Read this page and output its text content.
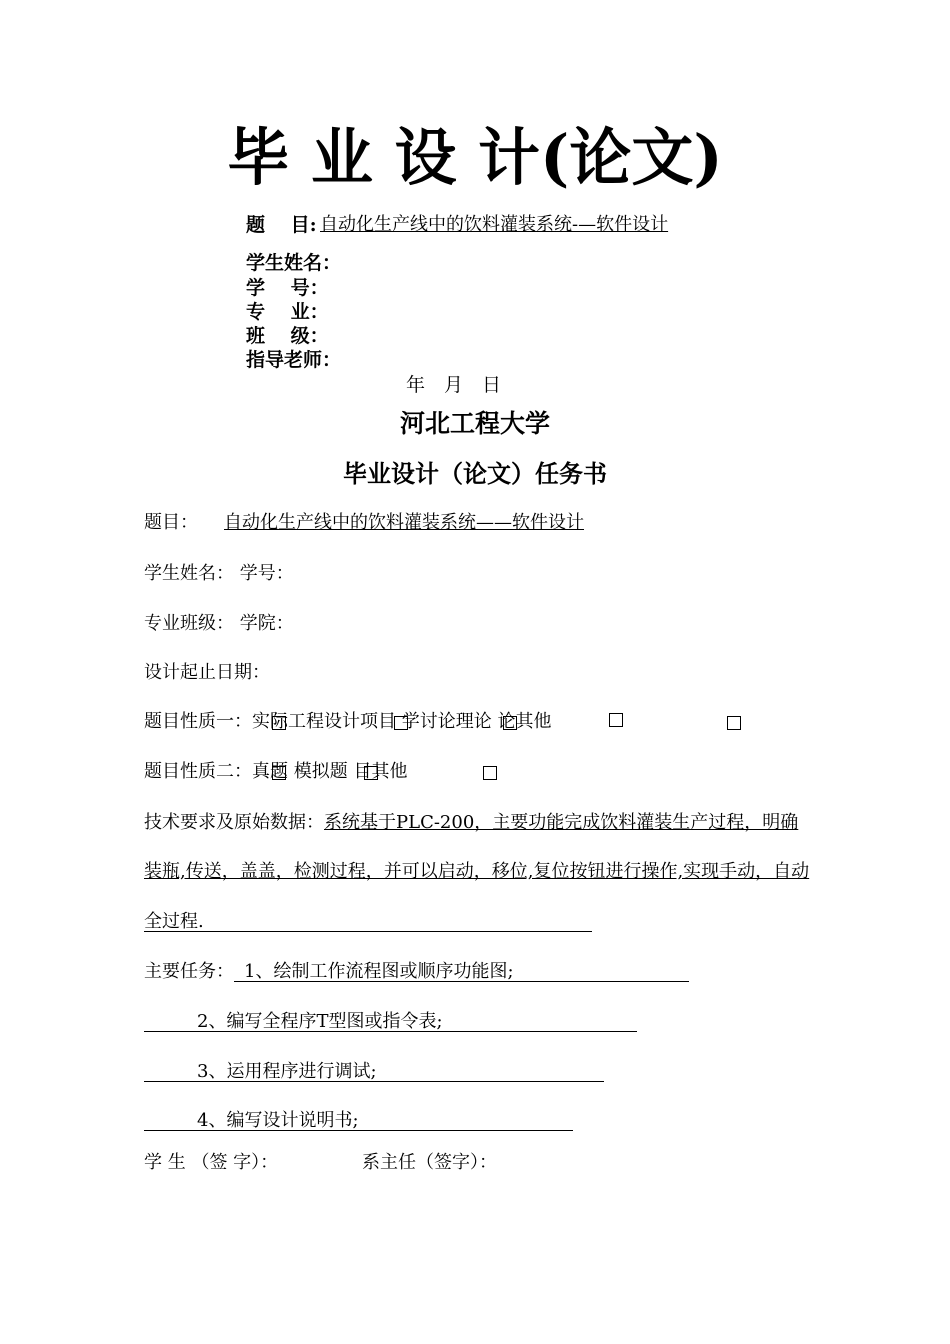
毕 业 设 计(论文)
题　 目: 自动化生产线中的饮料灌装系统-—软件设计
学生姓名：
学　 号：
专　 业：
班　 级：
指导老师：
年　月　日
河北工程大学
毕业设计（论文）任务书
题目： 自动化生产线中的饮料灌装系统——软件设计
学生姓名： 学号：
专业班级： 学院：
设计起止日期：
题目性质一：实际工程设计项目 学讨论理论 论其他
题目性质二：真题 模拟题 目其他
技术要求及原始数据：系统基于PLC-200，主要功能完成饮料灌装生产过程，明确
装瓶,传送，盖盖，检测过程，并可以启动，移位,复位按钮进行操作,实现手动，自动
全过程.
主要任务： 1、绘制工作流程图或顺序功能图;
2、编写全程序T型图或指令表;
3、运用程序进行调试;
4、编写设计说明书;
学 生 （签 字）：	系主任（签字）：
